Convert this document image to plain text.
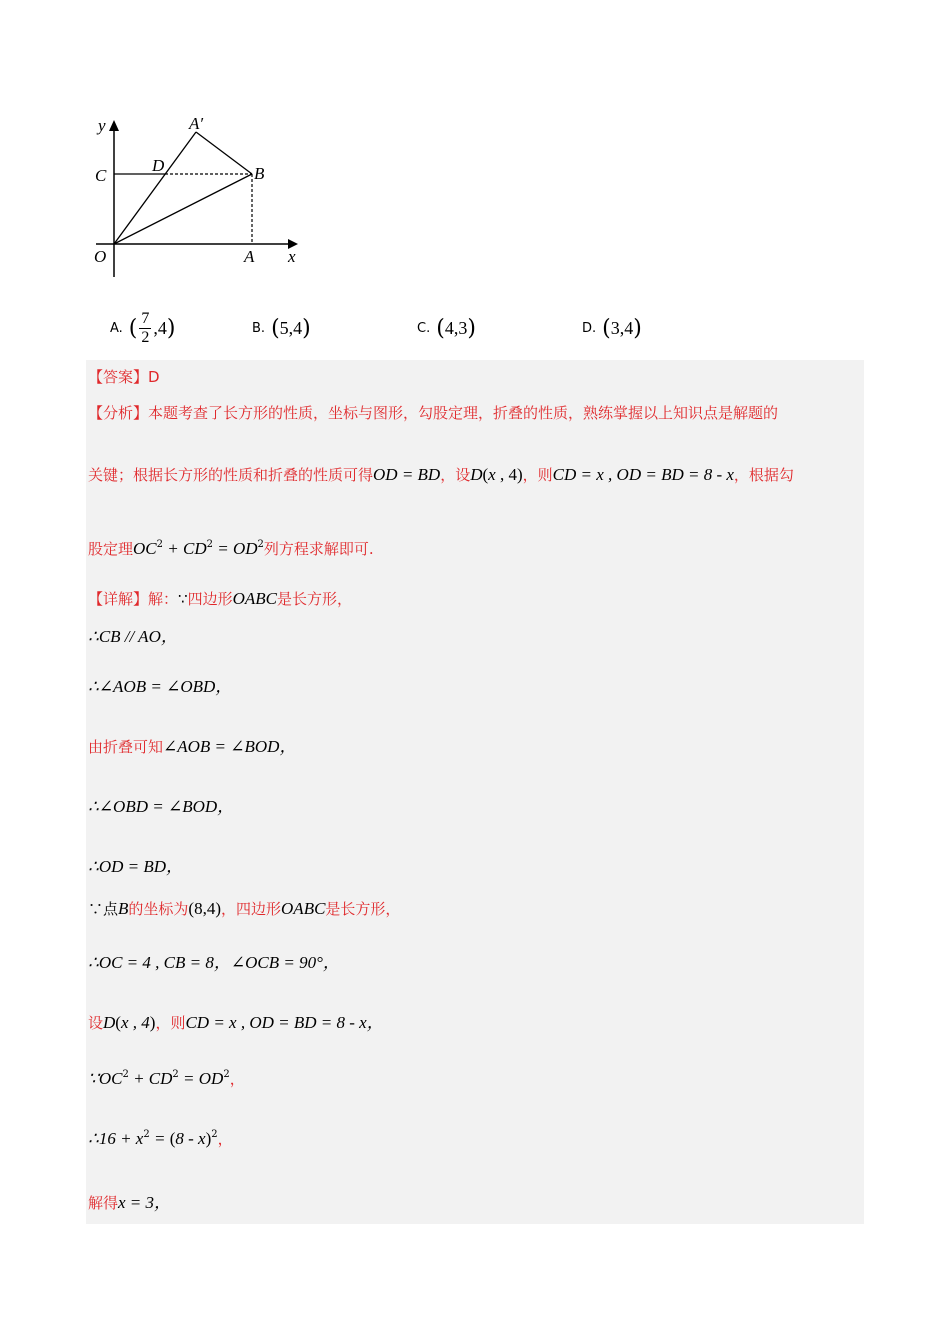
y	A′
C
D	B
O	A x
A. ( $\frac{7}{2} ,4$ )	B. ( 5,4 )	C. ( 4,3 )	D. ( 3,4 )
【答案】D
【分析】本题考查了长方形的性质，坐标与图形，勾股定理，折叠的性质，熟练掌握以上知识点是解题的
关键；根据长方形的性质和折叠的性质可得OD = BD，设D(x , 4)，则CD = x , OD = BD = 8 - x，根据勾
股定理$OC^2 + CD^2 = OD^2$列方程求解即可.
【详解】解：∵四边形OABC是长方形，
∴CB // AO，
∴∠AOB = ∠OBD，
由折叠可知∠AOB = ∠BOD，
∴∠OBD = ∠BOD，
∴OD = BD，
∵点B的坐标为(8,4)，四边形OABC是长方形，
∴OC = 4 , CB = 8，∠OCB = 90°，
设D(x , 4)，则CD = x , OD = BD = 8 - x，
$\because OC^2 + CD^2 = OD^2$，
∴16 + $x^2 = (8 - x)^2$，
解得x = 3，
